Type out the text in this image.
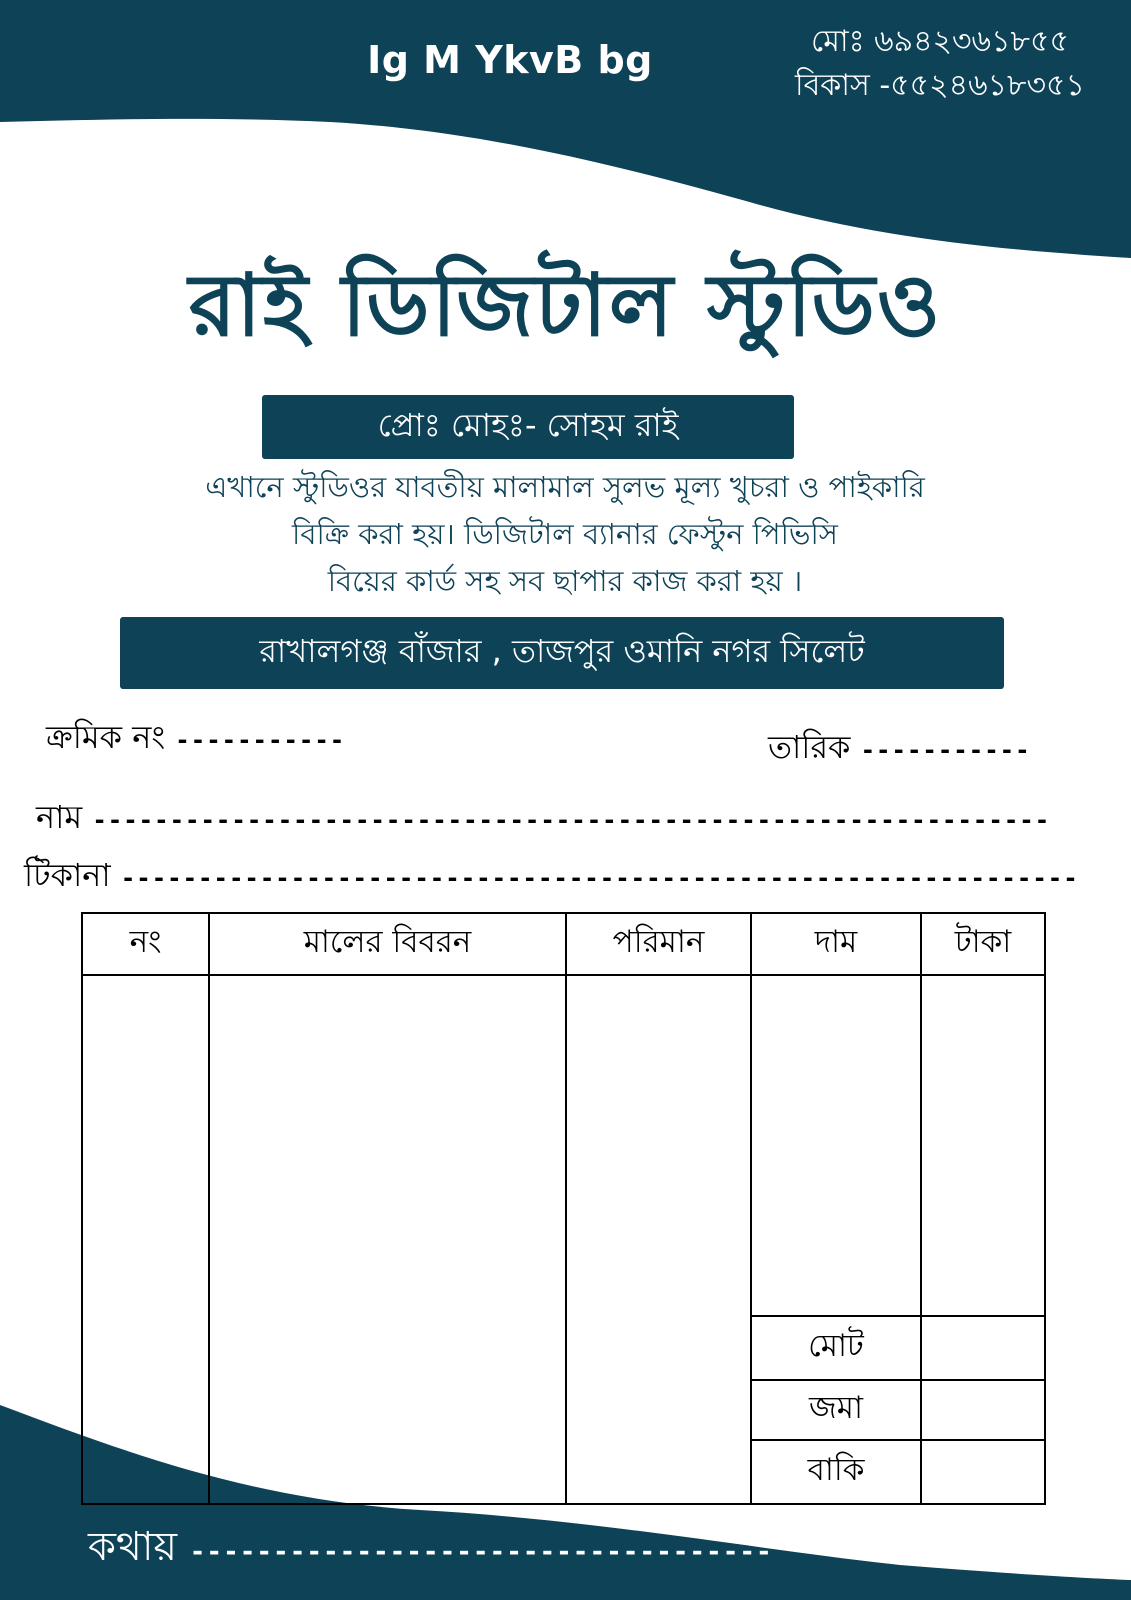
Ig M YkvB bg	মোঃ ৬৯৪২৩৬১৮৫৫
বিকাস -৫৫২৪৬১৮৩৫১
রাই ডিজিটাল স্টুডিও
প্রোঃ মোহঃ- সোহম রাই
এখানে স্টুডিওর যাবতীয় মালামাল সুলভ মূল্য খুচরা ও পাইকারি
বিক্রি করা হয়। ডিজিটাল ব্যানার ফেস্টুন পিভিসি
বিয়ের কার্ড সহ সব ছাপার কাজ করা হয় ।
রাখালগঞ্জ বাঁজার , তাজপুর ওমানি নগর সিলেট
ক্রমিক নং -----------	তারিক -----------
নাম --------------------------------------------------------------
টিকানা --------------------------------------------------------------
নং	মালের বিবরন	পরিমান	দাম	টাকা

			মোট	
			জমা	
			বাকি	
কথায় -----------------------------------
